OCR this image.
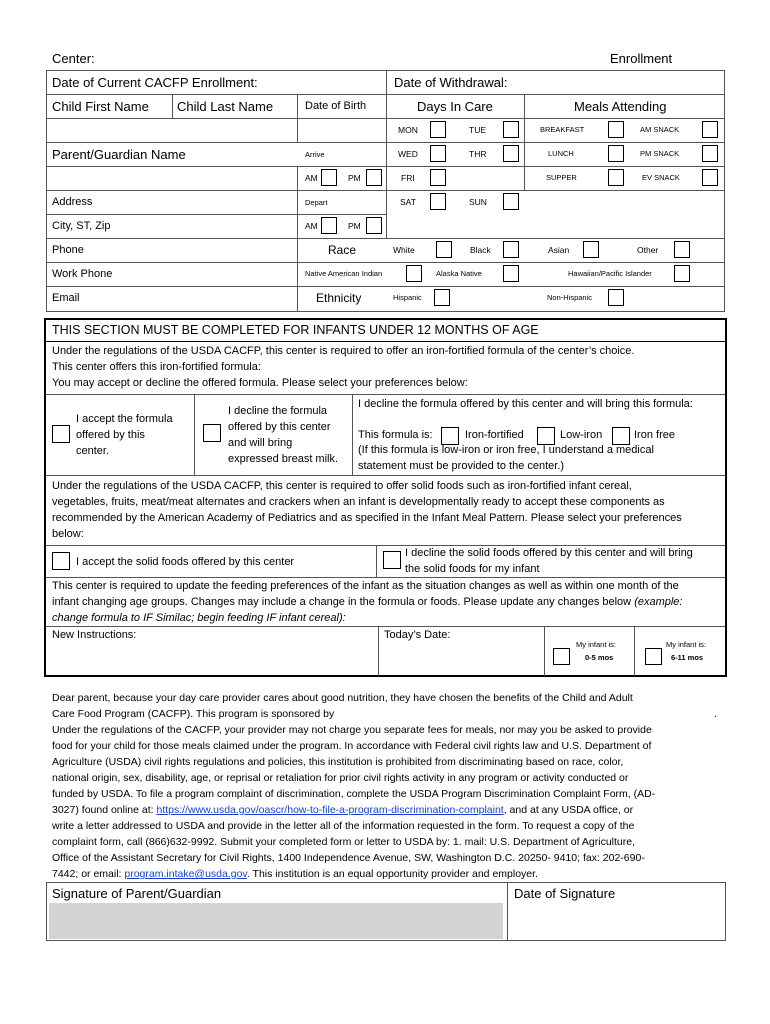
Center:	Enrollment
Date of Current CACFP Enrollment:	Date of Withdrawal:
Child First Name Child Last Name	Date of Birth	Days In Care	Meals Attending
MON	TUE	BREAKFAST	AM SNACK
Parent/Guardian Name	Arrive	WED	THR	LUNCH	PM SNACK
AM	PM	FRI	SUPPER	EV SNACK
Address	Depart	SAT	SUN
City, ST, Zip	AM	PM
Phone	Race	White	Black	Asian	Other
Work Phone	Native American Indian	Alaska Native	Hawaiian/Pacific Islander
Email	Ethnicity	Hispanic	Non-Hispanic
THIS SECTION MUST BE COMPLETED FOR INFANTS UNDER 12 MONTHS OF AGE
Under the regulations of the USDA CACFP, this center is required to offer an iron-fortified formula of the center’s choice.
This center offers this iron-fortified formula:
You may accept or decline the offered formula. Please select your preferences below:
I accept the formula
offered by this
center.
I decline the formula
offered by this center
and will bring
expressed breast milk.
I decline the formula offered by this center and will bring this formula:
This formula is:	Iron-fortified	Low-iron	Iron free
(If this formula is low-iron or iron free, I understand a medical
statement must be provided to the center.)
Under the regulations of the USDA CACFP, this center is required to offer solid foods such as iron-fortified infant cereal,
vegetables, fruits, meat/meat alternates and crackers when an infant is developmentally ready to accept these components as
recommended by the American Academy of Pediatrics and as specified in the Infant Meal Pattern. Please select your preferences
below:
I accept the solid foods offered by this center
I decline the solid foods offered by this center and will bring
the solid foods for my infant
This center is required to update the feeding preferences of the infant as the situation changes as well as within one month of the
infant changing age groups. Changes may include a change in the formula or foods. Please update any changes below (example:
change formula to IF Similac; begin feeding IF infant cereal):
New Instructions:	Today’s Date:
My infant is:
0-5 mos
My infant is:
6-11 mos
Dear parent, because your day care provider cares about good nutrition, they have chosen the benefits of the Child and Adult
Care Food Program (CACFP). This program is sponsored by	.
Under the regulations of the CACFP, your provider may not charge you separate fees for meals, nor may you be asked to provide
food for your child for those meals claimed under the program. In accordance with Federal civil rights law and U.S. Department of
Agriculture (USDA) civil rights regulations and policies, this institution is prohibited from discriminating based on race, color,
national origin, sex, disability, age, or reprisal or retaliation for prior civil rights activity in any program or activity conducted or
funded by USDA. To file a program complaint of discrimination, complete the USDA Program Discrimination Complaint Form, (AD-
3027) found online at: https://www.usda.gov/oascr/how-to-file-a-program-discrimination-complaint, and at any USDA office, or
write a letter addressed to USDA and provide in the letter all of the information requested in the form. To request a copy of the
complaint form, call (866)632-9992. Submit your completed form or letter to USDA by: 1. mail: U.S. Department of Agriculture,
Office of the Assistant Secretary for Civil Rights, 1400 Independence Avenue, SW, Washington D.C. 20250- 9410; fax: 202-690-
7442; or email: program.intake@usda.gov. This institution is an equal opportunity provider and employer.
Signature of Parent/Guardian	Date of Signature
